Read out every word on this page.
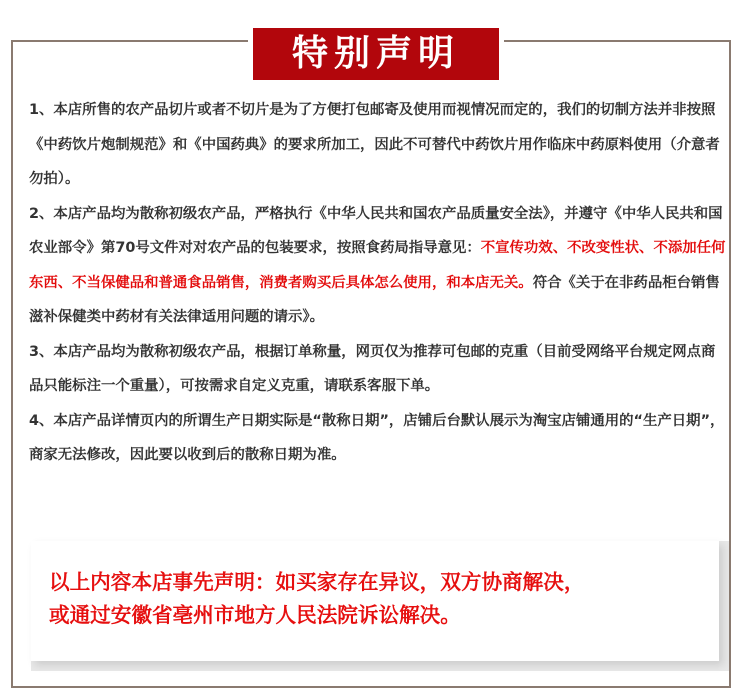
特别声明

1、本店所售的农产品切片或者不切片是为了方便打包邮寄及使用而视情况而定的，我们的切制方法并非按照《中药饮片炮制规范》和《中国药典》的要求所加工，因此不可替代中药饮片用作临床中药原料使用（介意者勿拍）。

2、本店产品均为散称初级农产品，严格执行《中华人民共和国农产品质量安全法》，并遵守《中华人民共和国农业部令》第70号文件对对农产品的包装要求，按照食药局指导意见：不宣传功效、不改变性状、不添加任何东西、不当保健品和普通食品销售，消费者购买后具体怎么使用，和本店无关。符合《关于在非药品柜台销售滋补保健类中药材有关法律适用问题的请示》。

3、本店产品均为散称初级农产品，根据订单称量，网页仅为推荐可包邮的克重（目前受网络平台规定网点商品只能标注一个重量），可按需求自定义克重，请联系客服下单。

4、本店产品详情页内的所谓生产日期实际是“散称日期”，店铺后台默认展示为淘宝店铺通用的“生产日期”，商家无法修改，因此要以收到后的散称日期为准。

以上内容本店事先声明：如买家存在异议，双方协商解决，

或通过安徽省亳州市地方人民法院诉讼解决。
